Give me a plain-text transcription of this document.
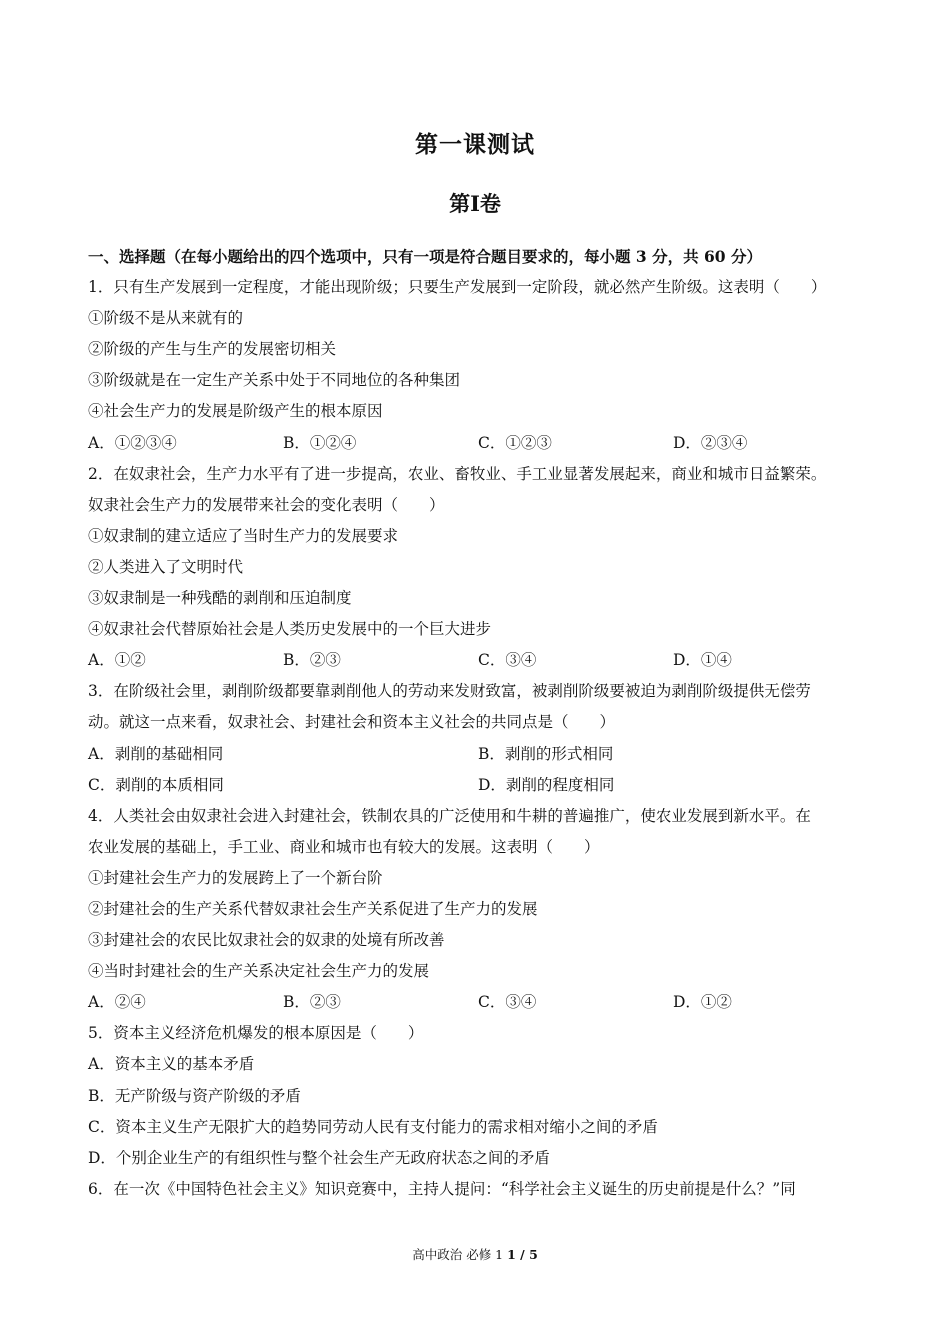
第一课测试
第Ⅰ卷
一、选择题（在每小题给出的四个选项中，只有一项是符合题目要求的，每小题 3 分，共 60 分）
1．只有生产发展到一定程度，才能出现阶级；只要生产发展到一定阶段，就必然产生阶级。这表明（　　）
①阶级不是从来就有的
②阶级的产生与生产的发展密切相关
③阶级就是在一定生产关系中处于不同地位的各种集团
④社会生产力的发展是阶级产生的根本原因
A．①②③④	B．①②④	C．①②③	D．②③④
2．在奴隶社会，生产力水平有了进一步提高，农业、畜牧业、手工业显著发展起来，商业和城市日益繁荣。
奴隶社会生产力的发展带来社会的变化表明（　　）
①奴隶制的建立适应了当时生产力的发展要求
②人类进入了文明时代
③奴隶制是一种残酷的剥削和压迫制度
④奴隶社会代替原始社会是人类历史发展中的一个巨大进步
A．①②	B．②③	C．③④	D．①④
3．在阶级社会里，剥削阶级都要靠剥削他人的劳动来发财致富，被剥削阶级要被迫为剥削阶级提供无偿劳
动。就这一点来看，奴隶社会、封建社会和资本主义社会的共同点是（　　）
A．剥削的基础相同	B．剥削的形式相同
C．剥削的本质相同	D．剥削的程度相同
4．人类社会由奴隶社会进入封建社会，铁制农具的广泛使用和牛耕的普遍推广，使农业发展到新水平。在
农业发展的基础上，手工业、商业和城市也有较大的发展。这表明（　　）
①封建社会生产力的发展跨上了一个新台阶
②封建社会的生产关系代替奴隶社会生产关系促进了生产力的发展
③封建社会的农民比奴隶社会的奴隶的处境有所改善
④当时封建社会的生产关系决定社会生产力的发展
A．②④	B．②③	C．③④	D．①②
5．资本主义经济危机爆发的根本原因是（　　）
A．资本主义的基本矛盾
B．无产阶级与资产阶级的矛盾
C．资本主义生产无限扩大的趋势同劳动人民有支付能力的需求相对缩小之间的矛盾
D．个别企业生产的有组织性与整个社会生产无政府状态之间的矛盾
6．在一次《中国特色社会主义》知识竞赛中，主持人提问：“科学社会主义诞生的历史前提是什么？”同
高中政治 必修 1 1 / 5
